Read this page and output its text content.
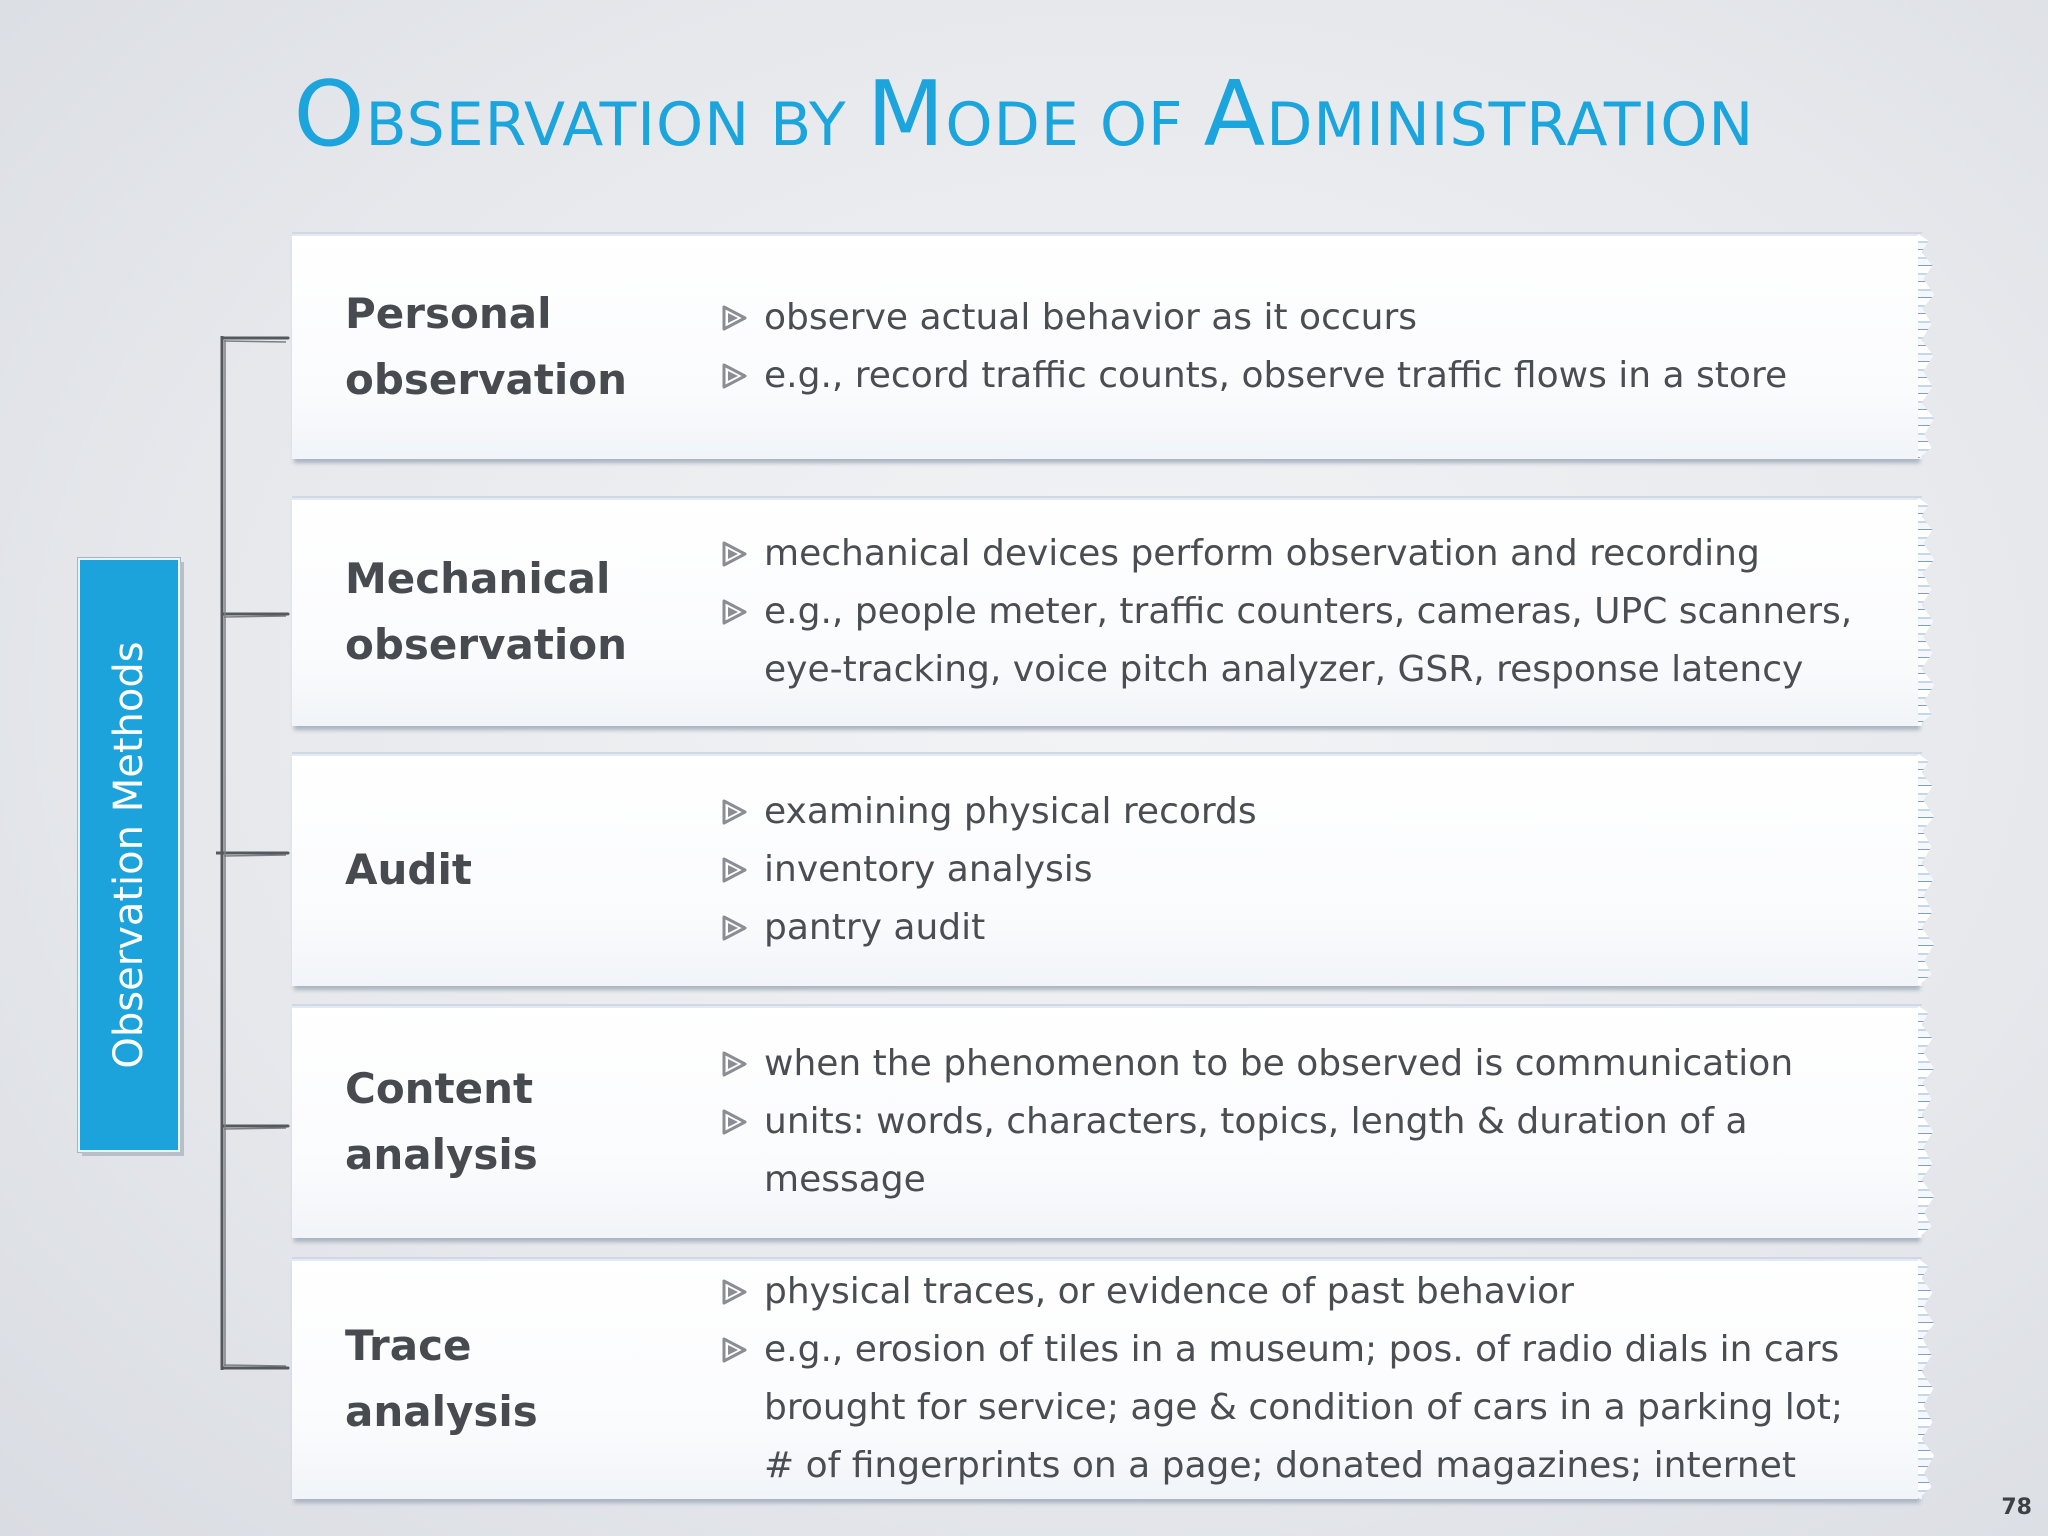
OBSERVATION BY MODE OF ADMINISTRATION
Observation Methods
Personal
observation
observe actual behavior as it occurs
e.g., record traffic counts, observe traffic flows in a store
Mechanical
observation
mechanical devices perform observation and recording
e.g., people meter, traffic counters, cameras, UPC scanners,
eye-tracking, voice pitch analyzer, GSR, response latency
Audit
examining physical records
inventory analysis
pantry audit
Content
analysis
when the phenomenon to be observed is communication
units: words, characters, topics, length & duration of a
message
Trace
analysis
physical traces, or evidence of past behavior
e.g., erosion of tiles in a museum; pos. of radio dials in cars
brought for service; age & condition of cars in a parking lot;
# of fingerprints on a page; donated magazines; internet
78
